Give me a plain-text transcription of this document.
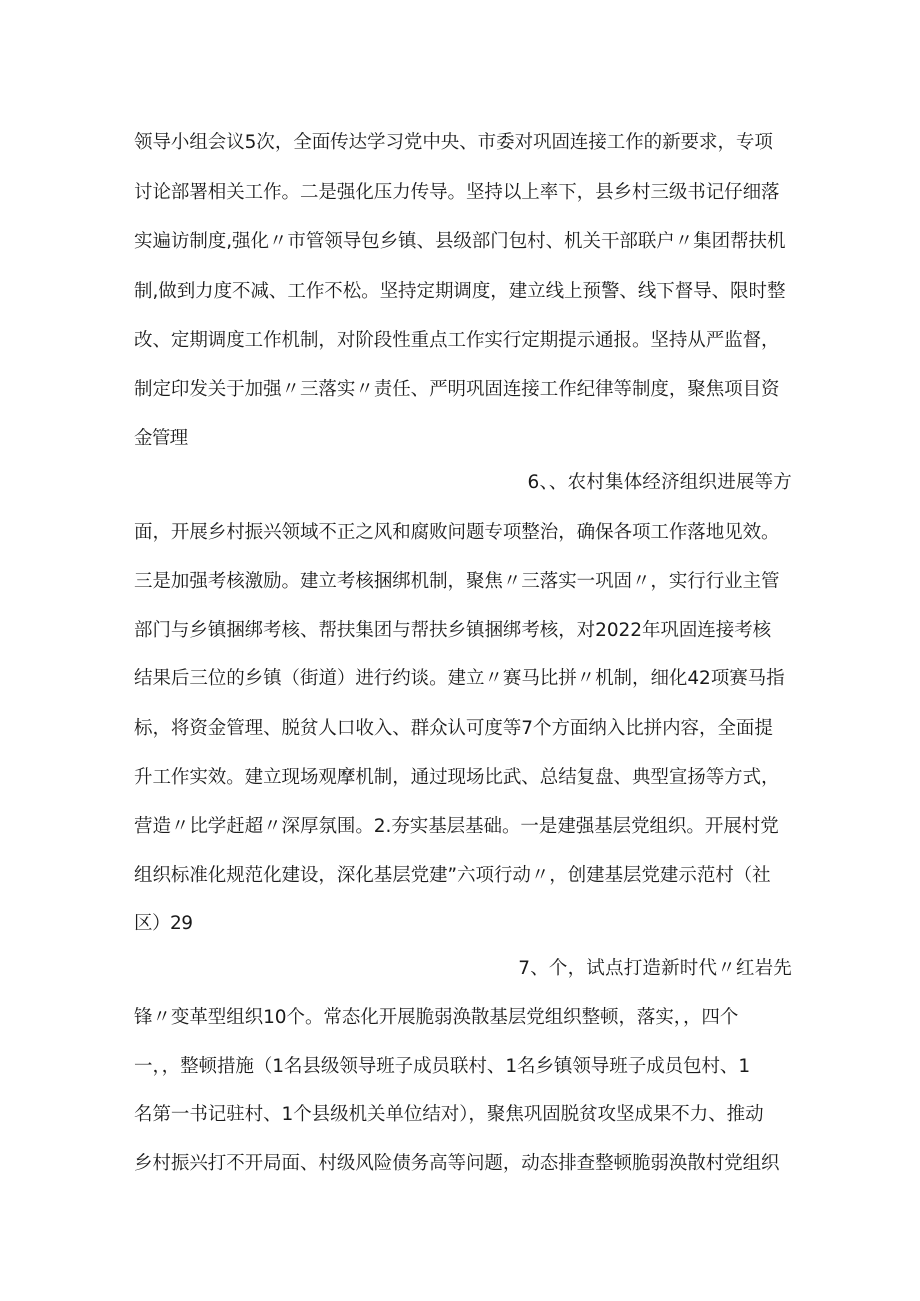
领导小组会议5次，全面传达学习党中央、市委对巩固连接工作的新要求，专项
讨论部署相关工作。二是强化压力传导。坚持以上率下，县乡村三级书记仔细落
实遍访制度,强化〃市管领导包乡镇、县级部门包村、机关干部联户〃集团帮扶机
制,做到力度不减、工作不松。坚持定期调度，建立线上预警、线下督导、限时整
改、定期调度工作机制，对阶段性重点工作实行定期提示通报。坚持从严监督，
制定印发关于加强〃三落实〃责任、严明巩固连接工作纪律等制度，聚焦项目资
金管理
6、、农村集体经济组织进展等方
面，开展乡村振兴领域不正之风和腐败问题专项整治，确保各项工作落地见效。
三是加强考核激励。建立考核捆绑机制，聚焦〃三落实一巩固〃，实行行业主管
部门与乡镇捆绑考核、帮扶集团与帮扶乡镇捆绑考核，对2022年巩固连接考核
结果后三位的乡镇（街道）进行约谈。建立〃赛马比拼〃机制，细化42项赛马指
标，将资金管理、脱贫人口收入、群众认可度等7个方面纳入比拼内容，全面提
升工作实效。建立现场观摩机制，通过现场比武、总结复盘、典型宣扬等方式，
营造〃比学赶超〃深厚氛围。2.夯实基层基础。一是建强基层党组织。开展村党
组织标准化规范化建设，深化基层党建”六项行动〃，创建基层党建示范村（社
区）29
7、个，试点打造新时代〃红岩先
锋〃变革型组织10个。常态化开展脆弱涣散基层党组织整顿，落实，，四个
一，，整顿措施（1名县级领导班子成员联村、1名乡镇领导班子成员包村、1
名第一书记驻村、1个县级机关单位结对），聚焦巩固脱贫攻坚成果不力、推动
乡村振兴打不开局面、村级风险债务高等问题，动态排查整顿脆弱涣散村党组织
